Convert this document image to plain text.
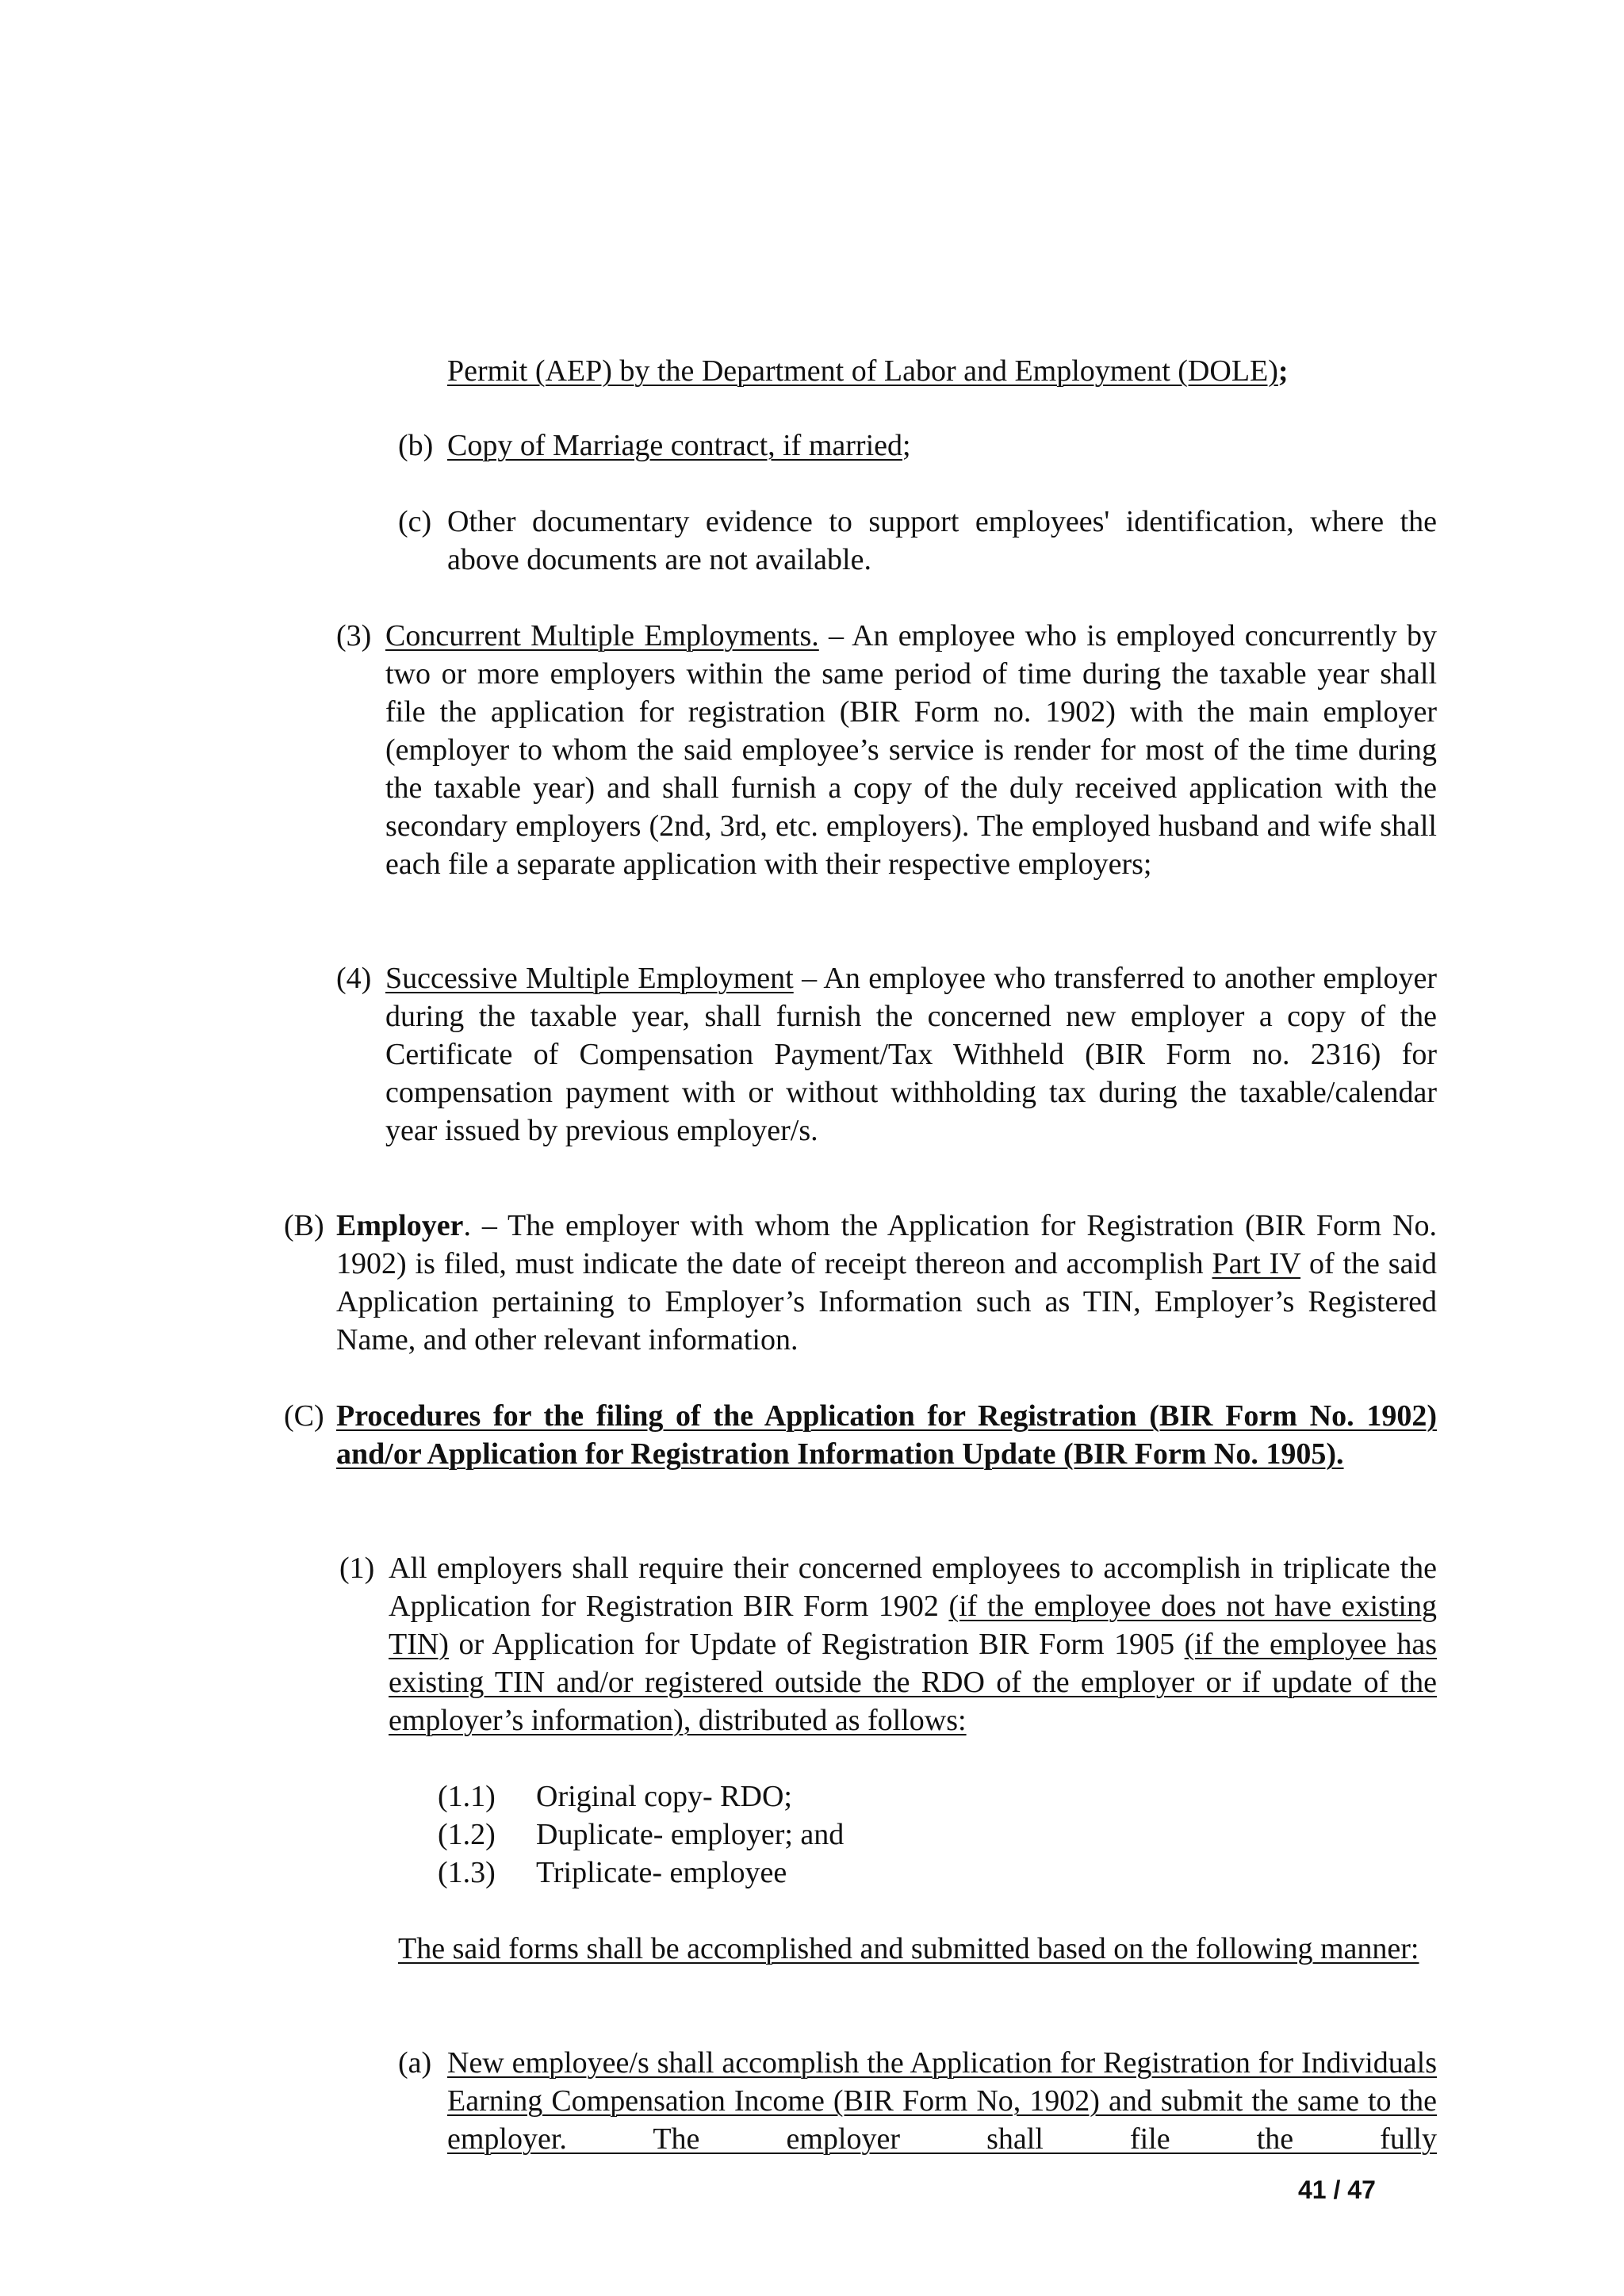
Permit (AEP) by the Department of Labor and Employment (DOLE);
(b) Copy of Marriage contract, if married;
(c) Other documentary evidence to support employees' identification, where the above documents are not available.
(3) Concurrent Multiple Employments. – An employee who is employed concurrently by two or more employers within the same period of time during the taxable year shall file the application for registration (BIR Form no. 1902) with the main employer (employer to whom the said employee’s service is render for most of the time during the taxable year) and shall furnish a copy of the duly received application with the secondary employers (2nd, 3rd, etc. employers). The employed husband and wife shall each file a separate application with their respective employers;
(4) Successive Multiple Employment – An employee who transferred to another employer during the taxable year, shall furnish the concerned new employer a copy of the Certificate of Compensation Payment/Tax Withheld (BIR Form no. 2316) for compensation payment with or without withholding tax during the taxable/calendar year issued by previous employer/s.
(B) Employer. – The employer with whom the Application for Registration (BIR Form No. 1902) is filed, must indicate the date of receipt thereon and accomplish Part IV of the said Application pertaining to Employer’s Information such as TIN, Employer’s Registered Name, and other relevant information.
(C) Procedures for the filing of the Application for Registration (BIR Form No. 1902) and/or Application for Registration Information Update (BIR Form No. 1905).
(1) All employers shall require their concerned employees to accomplish in triplicate the Application for Registration BIR Form 1902 (if the employee does not have existing TIN) or Application for Update of Registration BIR Form 1905 (if the employee has existing TIN and/or registered outside the RDO of the employer or if update of the employer’s information), distributed as follows:
(1.1) Original copy- RDO;
(1.2) Duplicate- employer; and
(1.3) Triplicate- employee
The said forms shall be accomplished and submitted based on the following manner:
(a) New employee/s shall accomplish the Application for Registration for Individuals Earning Compensation Income (BIR Form No, 1902) and submit the same to the employer. The employer shall file the fully
41 / 47
